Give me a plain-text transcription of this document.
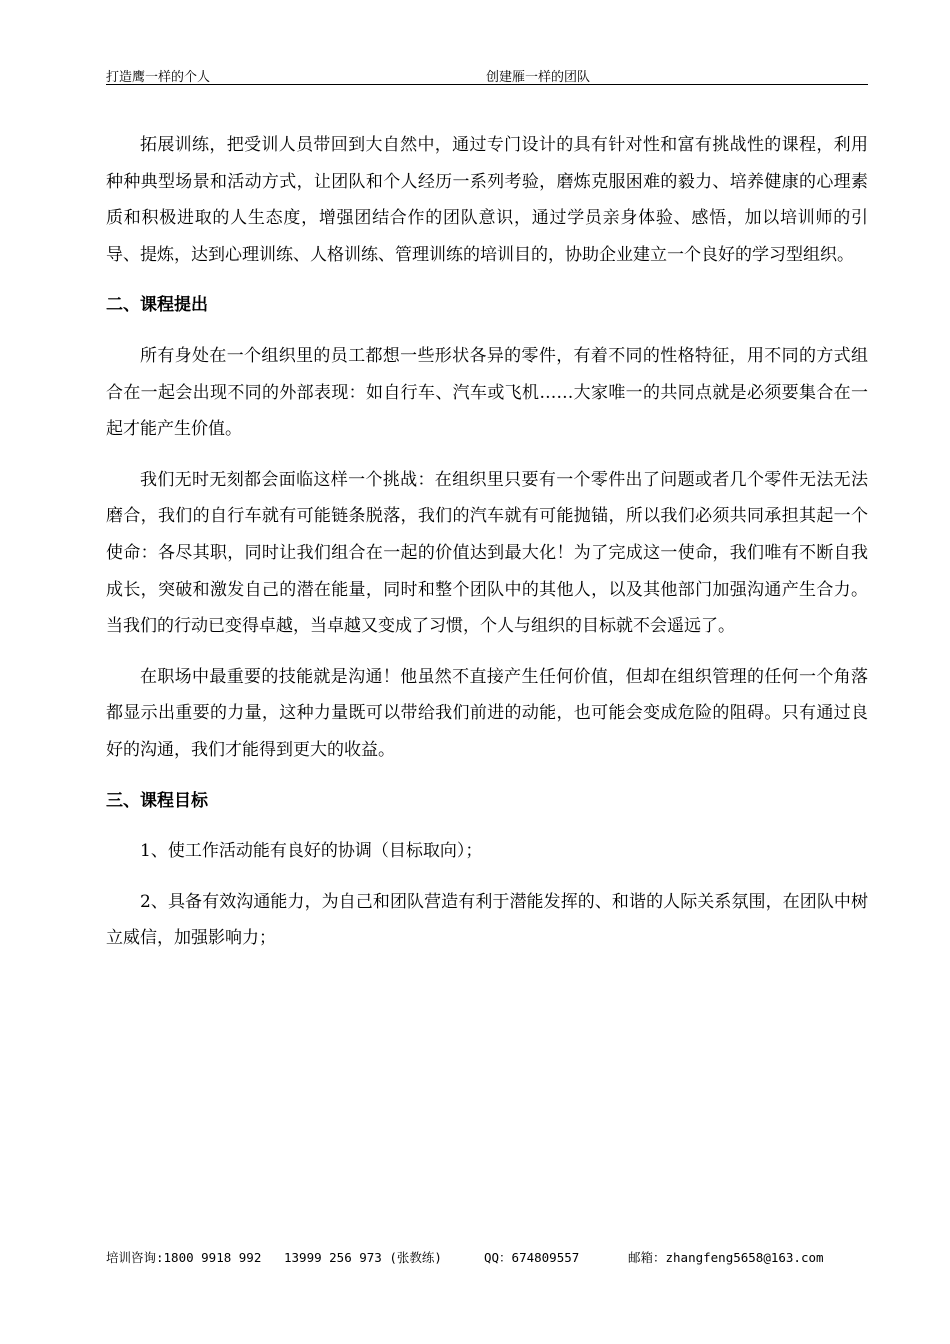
打造鹰一样的个人	创建雁一样的团队

拓展训练，把受训人员带回到大自然中，通过专门设计的具有针对性和富有挑战性的课程，利用种种典型场景和活动方式，让团队和个人经历一系列考验，磨炼克服困难的毅力、培养健康的心理素质和积极进取的人生态度，增强团结合作的团队意识，通过学员亲身体验、感悟，加以培训师的引导、提炼，达到心理训练、人格训练、管理训练的培训目的，协助企业建立一个良好的学习型组织。

二、课程提出

所有身处在一个组织里的员工都想一些形状各异的零件，有着不同的性格特征，用不同的方式组合在一起会出现不同的外部表现：如自行车、汽车或飞机……大家唯一的共同点就是必须要集合在一起才能产生价值。

我们无时无刻都会面临这样一个挑战：在组织里只要有一个零件出了问题或者几个零件无法无法磨合，我们的自行车就有可能链条脱落，我们的汽车就有可能抛锚，所以我们必须共同承担其起一个使命：各尽其职，同时让我们组合在一起的价值达到最大化！为了完成这一使命，我们唯有不断自我成长，突破和激发自己的潜在能量，同时和整个团队中的其他人，以及其他部门加强沟通产生合力。当我们的行动已变得卓越，当卓越又变成了习惯，个人与组织的目标就不会遥远了。

在职场中最重要的技能就是沟通！他虽然不直接产生任何价值，但却在组织管理的任何一个角落都显示出重要的力量，这种力量既可以带给我们前进的动能，也可能会变成危险的阻碍。只有通过良好的沟通，我们才能得到更大的收益。

三、课程目标

1、使工作活动能有良好的协调（目标取向）；

2、具备有效沟通能力，为自己和团队营造有利于潜能发挥的、和谐的人际关系氛围，在团队中树立威信，加强影响力；

培训咨询:1800 9918 992 13999 256 973 (张教练)	QQ：674809557	邮箱：zhangfeng5658@163.com
